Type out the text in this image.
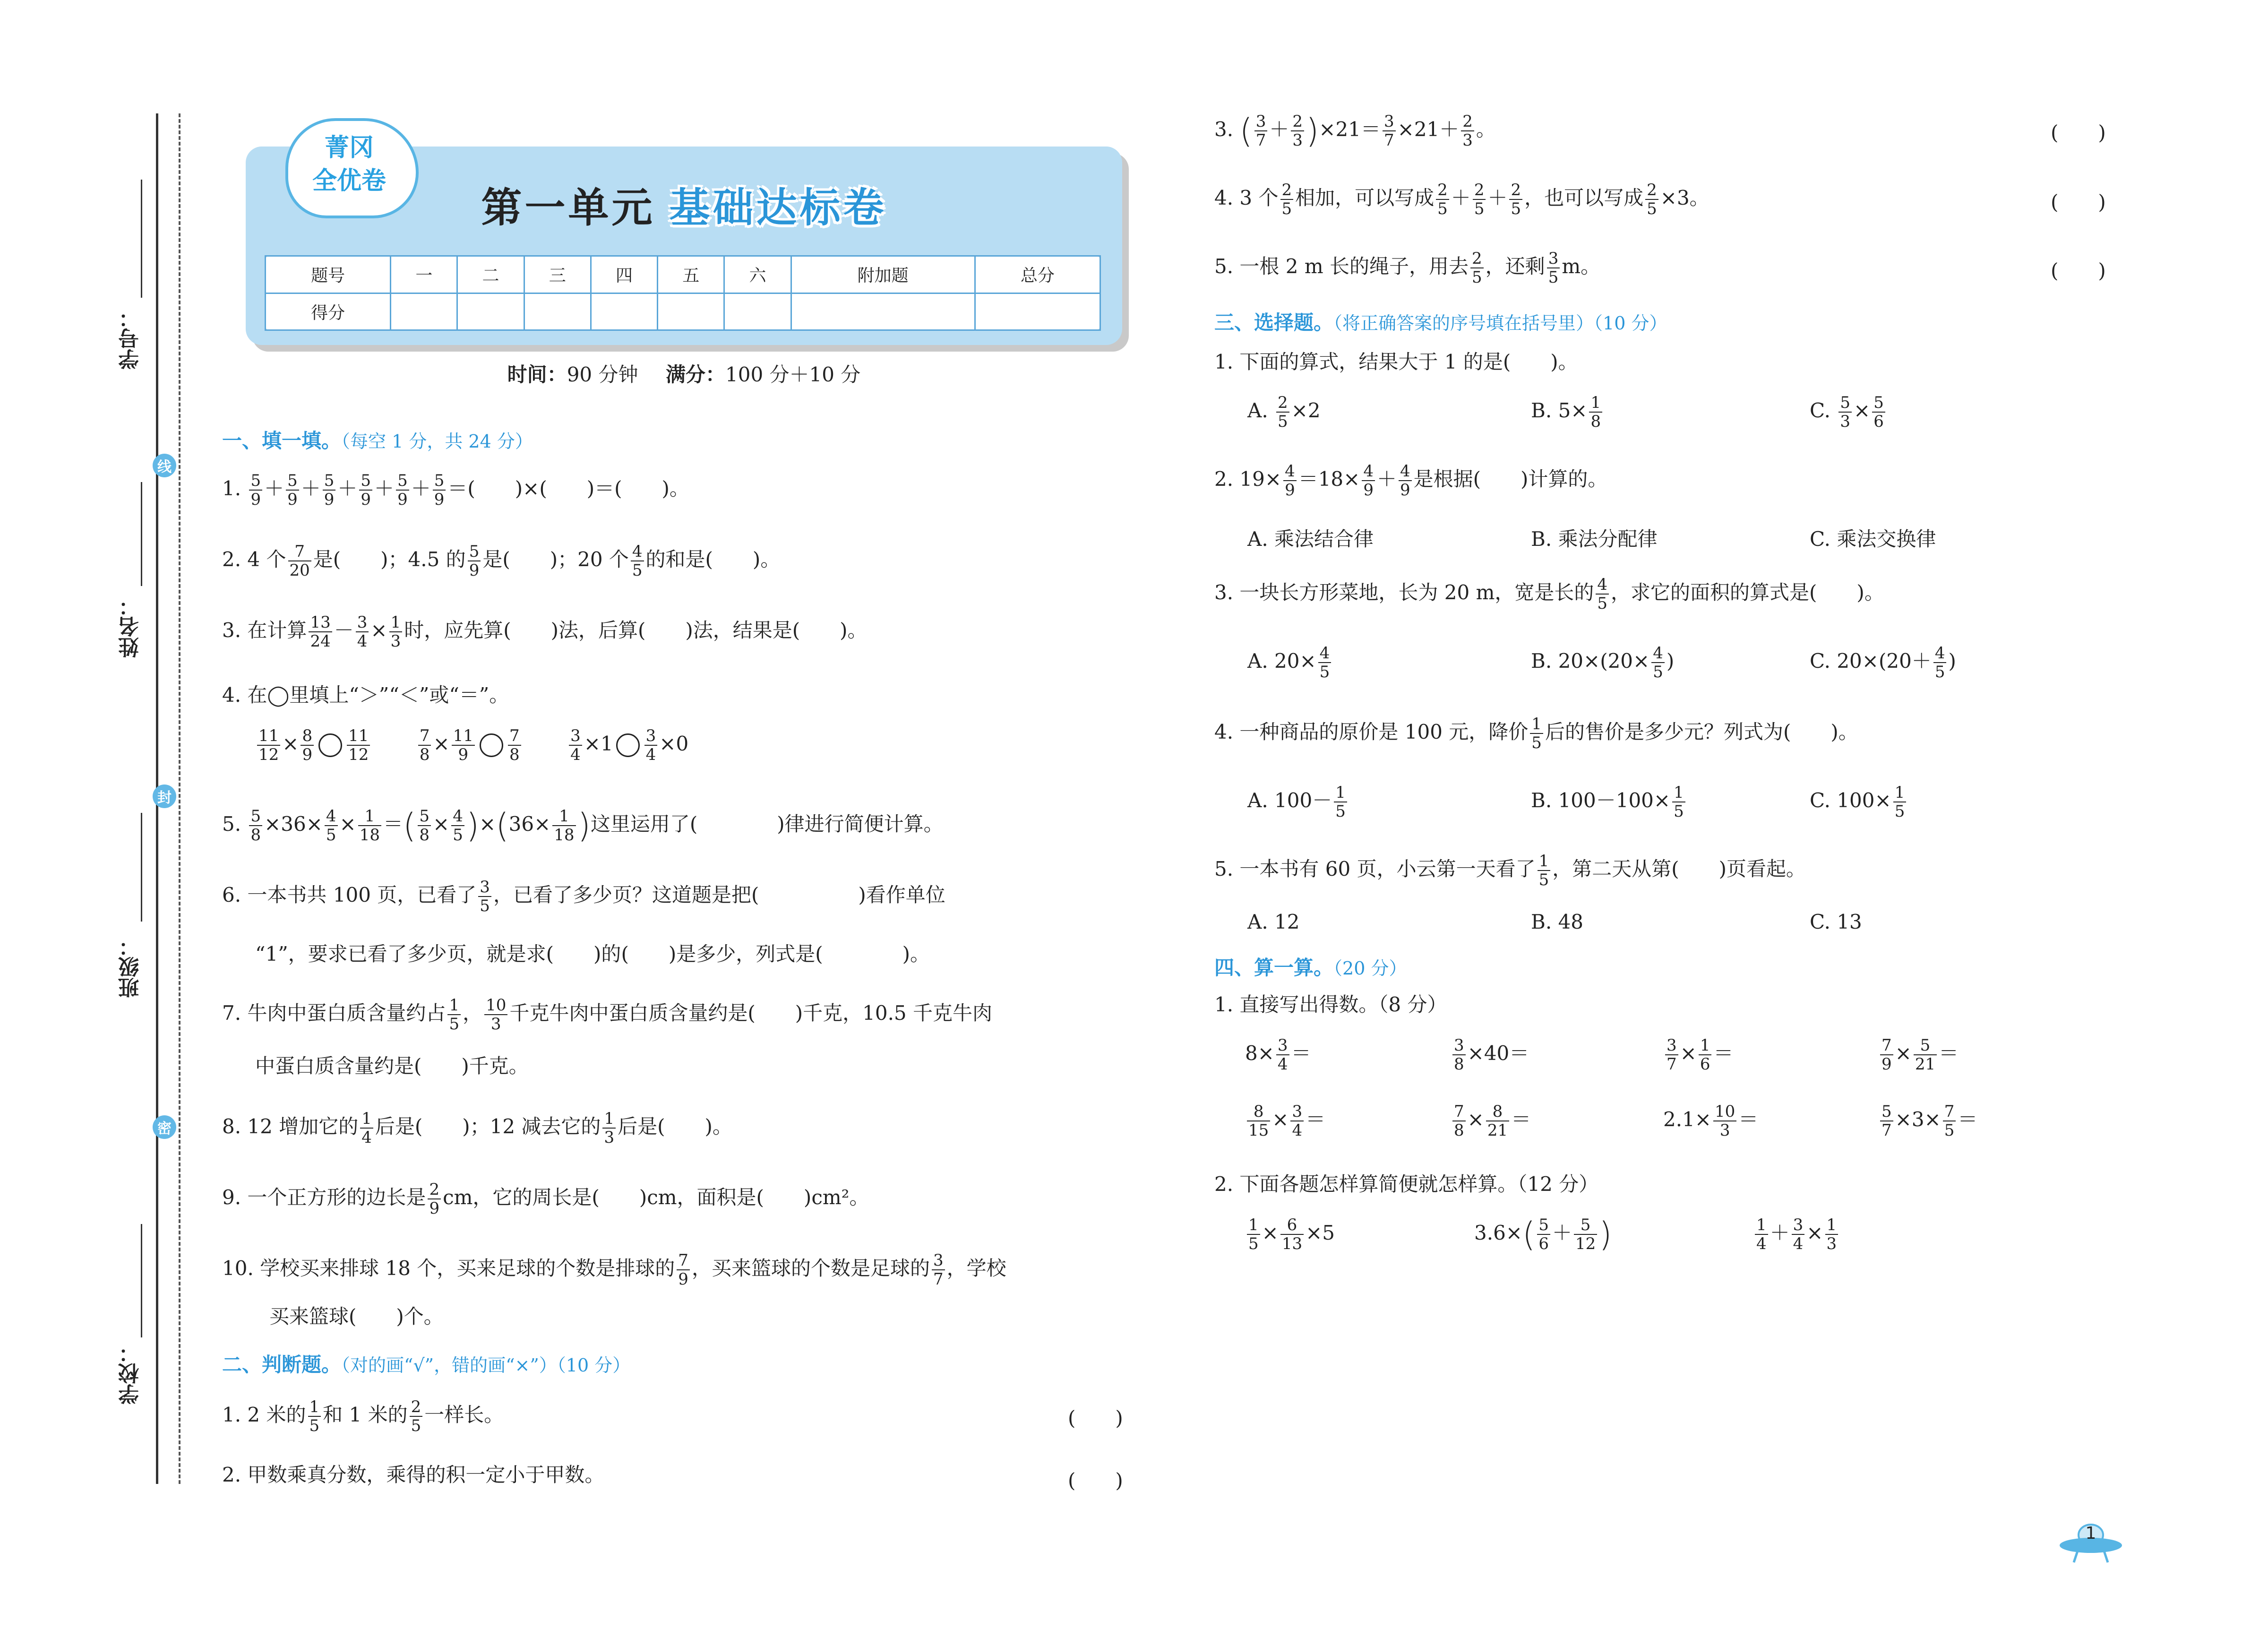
学号：
姓名：
班级：
学校：
线
封
密
菁冈
全优卷
第一单元 基础达标卷
题号	一	二	三	四	五	六	附加题	总分
得分								
时间：90 分钟 满分：100 分＋10 分
一、填一填。（每空 1 分，共 24 分）
1. $\frac{5}{9} + \frac{5}{9} + \frac{5}{9} + \frac{5}{9} + \frac{5}{9} + \frac{5}{9}$ ＝(　　)×(　　)＝(　　)。
2. 4 个 $\frac{7}{20}$ 是(　　)；4.5 的 $\frac{5}{9}$ 是(　　)；20 个 $\frac{4}{5}$ 的和是(　　)。
3. 在计算 $\frac{13}{24} - \frac{3}{4} \times \frac{1}{3}$ 时，应先算(　　)法，后算(　　)法，结果是(　　)。
4. 在◯里填上“＞”“＜”或“＝”。
$\frac{11}{12} \times \frac{8}{9} \frac{11}{12}$
	$\frac{7}{8} \times \frac{11}{9} \frac{7}{8}$
	$\frac{3}{4} \times 1 \frac{3}{4} \times 0$
5. $\frac{5}{8} \times 36\times \frac{4}{5} \times \frac{1}{18}$ ＝( $\frac{5}{8} \times \frac{4}{5} )\times(36\times \frac{1}{18}$ )这里运用了(　　　　)律进行简便计算。
6. 一本书共 100 页，已看了 $\frac{3}{5}$ ，已看了多少页？这道题是把(　　　　　)看作单位
“1”，要求已看了多少页，就是求(　　)的(　　)是多少，列式是(　　　　)。
7. 牛肉中蛋白质含量约占 $\frac{1}{5}$ ， $\frac{10}{3}$ 千克牛肉中蛋白质含量约是(　　)千克，10.5 千克牛肉
中蛋白质含量约是(　　)千克。
8. 12 增加它的 $\frac{1}{4}$ 后是(　　)；12 减去它的 $\frac{1}{3}$ 后是(　　)。
9. 一个正方形的边长是 $\frac{2}{9}$ cm，它的周长是(　　)cm，面积是(　　)cm²。
10. 学校买来排球 18 个，买来足球的个数是排球的 $\frac{7}{9}$ ，买来篮球的个数是足球的 $\frac{3}{7}$ ，学校
买来篮球(　　)个。
二、判断题。（对的画“√”，错的画“×”）（10 分）
1. 2 米的 $\frac{1}{5}$ 和 1 米的 $\frac{2}{5}$ 一样长。	(　　)
2. 甲数乘真分数，乘得的积一定小于甲数。	(　　)
3. ( $\frac{3}{7} + \frac{2}{3} )\times 21= \frac{3}{7} \times 21+ \frac{2}{3}$ 。	(　　)
4. 3 个 $\frac{2}{5}$ 相加，可以写成 $\frac{2}{5} + \frac{2}{5} + \frac{2}{5}$ ，也可以写成 $\frac{2}{5} \times 3$。	(　　)
5. 一根 2 m 长的绳子，用去 $\frac{2}{5}$ ，还剩 $\frac{3}{5}$ m。	(　　)
三、选择题。（将正确答案的序号填在括号里）（10 分）
1. 下面的算式，结果大于 1 的是(　　)。
A. $\frac{2}{5} \times 2$	B. $5\times \frac{1}{8}$	C. $\frac{5}{3} \times \frac{5}{6}$
2. $19\times \frac{4}{9} =18\times \frac{4}{9} + \frac{4}{9}$ 是根据(　　)计算的。
A. 乘法结合律	B. 乘法分配律	C. 乘法交换律
3. 一块长方形菜地，长为 20 m，宽是长的 $\frac{4}{5}$ ，求它的面积的算式是(　　)。
A. $20\times \frac{4}{5}$	B. $20\times(20\times \frac{4}{5}$ )	C. $20\times(20+ \frac{4}{5}$ )
4. 一种商品的原价是 100 元，降价 $\frac{1}{5}$ 后的售价是多少元？列式为(　　)。
A. $100- \frac{1}{5}$	B. $100-100\times \frac{1}{5}$	C. $100\times \frac{1}{5}$
5. 一本书有 60 页，小云第一天看了 $\frac{1}{5}$ ，第二天从第(　　)页看起。
A. 12	B. 48	C. 13
四、算一算。（20 分）
1. 直接写出得数。（8 分）
$8\times \frac{3}{4}$ ＝	$\frac{3}{8} \times 40=$	$\frac{3}{7} \times \frac{1}{6}$ ＝	$\frac{7}{9} \times \frac{5}{21}$ ＝
$\frac{8}{15} \times \frac{3}{4}$ ＝	$\frac{7}{8} \times \frac{8}{21}$ ＝	$2.1\times \frac{10}{3}$ ＝	$\frac{5}{7} \times 3\times \frac{7}{5}$ ＝
2. 下面各题怎样算简便就怎样算。（12 分）
$\frac{1}{5} \times \frac{6}{13} \times 5$	$3.6\times( \frac{5}{6} + \frac{5}{12}$ )	$\frac{1}{4} + \frac{3}{4} \times \frac{1}{3}$
1
